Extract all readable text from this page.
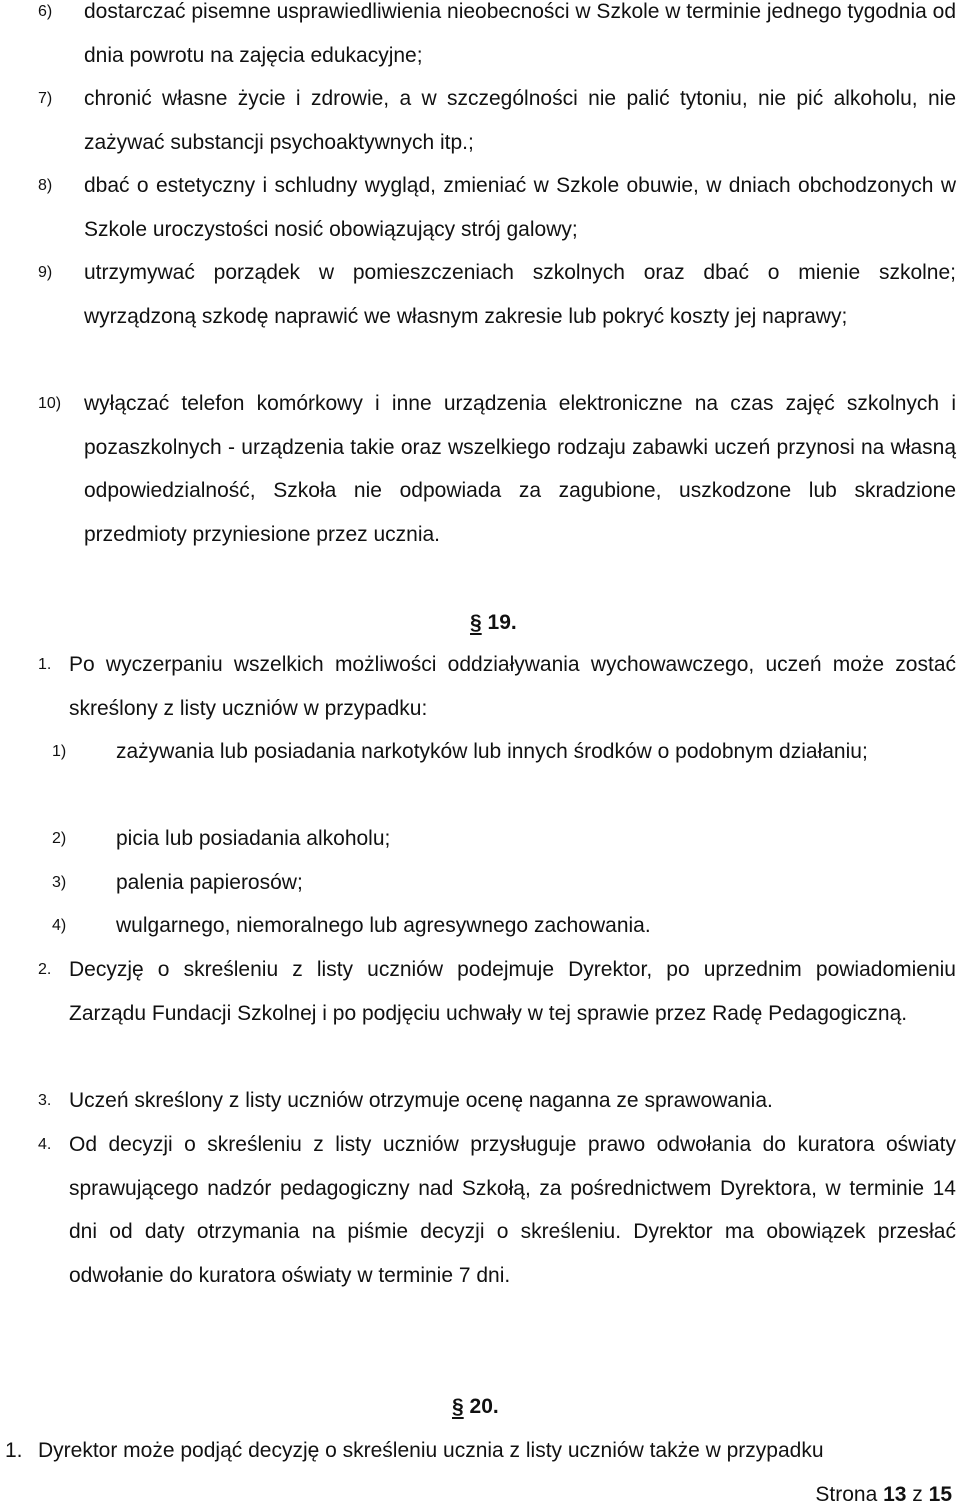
6) dostarczać pisemne usprawiedliwienia nieobecności w Szkole w terminie jednego tygodnia od dnia powrotu na zajęcia edukacyjne;

7) chronić własne życie i zdrowie, a w szczególności nie palić tytoniu, nie pić alkoholu, nie zażywać substancji psychoaktywnych itp.;

8) dbać o estetyczny i schludny wygląd, zmieniać w Szkole obuwie, w dniach obchodzonych w Szkole uroczystości nosić obowiązujący strój galowy;

9) utrzymywać porządek w pomieszczeniach szkolnych oraz dbać o mienie szkolne; wyrządzoną szkodę naprawić we własnym zakresie lub pokryć koszty jej naprawy;

10) wyłączać telefon komórkowy i inne urządzenia elektroniczne na czas zajęć szkolnych i pozaszkolnych - urządzenia takie oraz wszelkiego rodzaju zabawki uczeń przynosi na własną odpowiedzialność, Szkoła nie odpowiada za zagubione, uszkodzone lub skradzione przedmioty przyniesione przez ucznia.

§ 19.
1. Po wyczerpaniu wszelkich możliwości oddziaływania wychowawczego, uczeń może zostać skreślony z listy uczniów w przypadku:

1) zażywania lub posiadania narkotyków lub innych środków o podobnym działaniu;

2) picia lub posiadania alkoholu;

3) palenia papierosów;

4) wulgarnego, niemoralnego lub agresywnego zachowania.

2. Decyzję o skreśleniu z listy uczniów podejmuje Dyrektor, po uprzednim powiadomieniu Zarządu Fundacji Szkolnej i po podjęciu uchwały w tej sprawie przez Radę Pedagogiczną.

3. Uczeń skreślony z listy uczniów otrzymuje ocenę naganna ze sprawowania.

4. Od decyzji o skreśleniu z listy uczniów przysługuje prawo odwołania do kuratora oświaty sprawującego nadzór pedagogiczny nad Szkołą, za pośrednictwem Dyrektora, w terminie 14 dni od daty otrzymania na piśmie decyzji o skreśleniu. Dyrektor ma obowiązek przesłać odwołanie do kuratora oświaty w terminie 7 dni.

§ 20.
1. Dyrektor może podjąć decyzję o skreśleniu ucznia z listy uczniów także w przypadku

Strona 13 z 15
